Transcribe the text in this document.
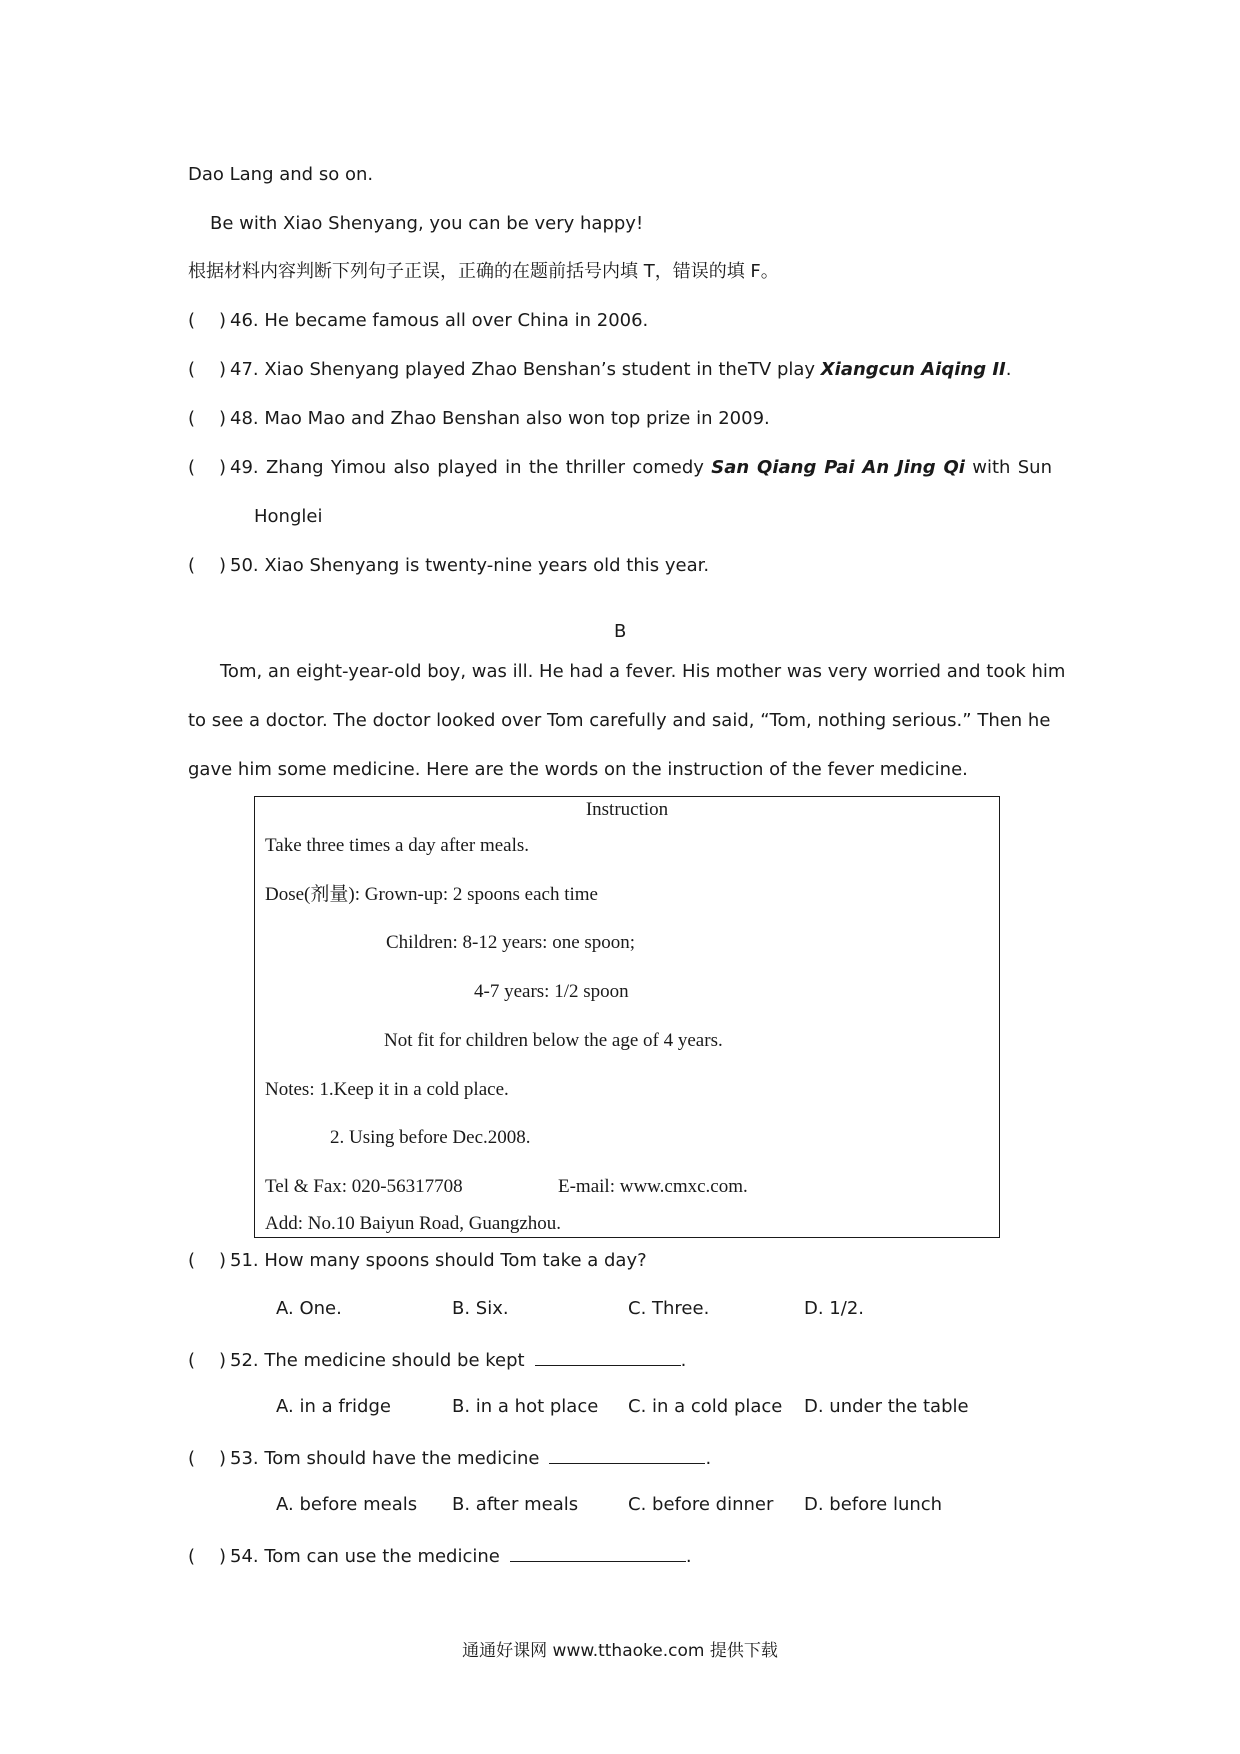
Dao Lang and so on.
Be with Xiao Shenyang, you can be very happy!
根据材料内容判断下列句子正误，正确的在题前括号内填 T，错误的填 F。
( ) 46. He became famous all over China in 2006.
( ) 47. Xiao Shenyang played Zhao Benshan’s student in theTV play Xiangcun Aiqing II.
( ) 48. Mao Mao and Zhao Benshan also won top prize in 2009.
( ) 49. Zhang Yimou also played in the thriller comedy San Qiang Pai An Jing Qi with Sun
Honglei
( ) 50. Xiao Shenyang is twenty-nine years old this year.
B
Tom, an eight-year-old boy, was ill. He had a fever. His mother was very worried and took him
to see a doctor. The doctor looked over Tom carefully and said, “Tom, nothing serious.” Then he
gave him some medicine. Here are the words on the instruction of the fever medicine.
Instruction
Take three times a day after meals.
Dose(剂量): Grown-up: 2 spoons each time
Children: 8-12 years: one spoon;
4-7 years: 1/2 spoon
Not fit for children below the age of 4 years.
Notes: 1.Keep it in a cold place.
2. Using before Dec.2008.
Tel & Fax: 020-56317708	E-mail: www.cmxc.com.
Add: No.10 Baiyun Road, Guangzhou.
( ) 51. How many spoons should Tom take a day?
A. One.	B. Six.	C. Three.	D. 1/2.
( ) 52. The medicine should be kept	.
A. in a fridge	B. in a hot place C. in a cold place D. under the table
( ) 53. Tom should have the medicine	.
A. before meals B. after meals	C. before dinner D. before lunch
( ) 54. Tom can use the medicine	.
通通好课网 www.tthaoke.com 提供下载
